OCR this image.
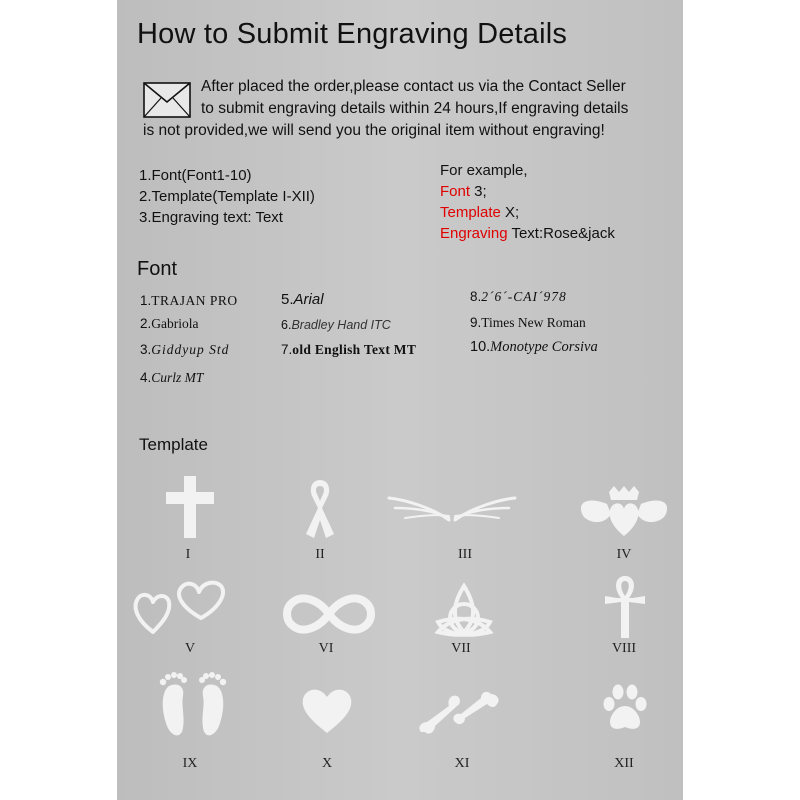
How to Submit Engraving Details
After placed the order,please contact us via the Contact Seller
to submit engraving details within 24 hours,If engraving details
is not provided,we will send you the original item without engraving!
1.Font(Font1-10)
2.Template(Template I-XII)
3.Engraving text: Text
For example,
Font 3;
Template X;
Engraving Text:Rose&jack
Font
1.TRAJAN PRO
2.Gabriola
3.Giddyup Std
4.Curlz MT
5.Arial
6.Bradley Hand ITC
7.old English Text MT
8.2´6´-CAI´978
9.Times New Roman
10.Monotype Corsiva
Template
I	II	III	IV
V	VI	VII	VIII
IX	X	XI	XII
